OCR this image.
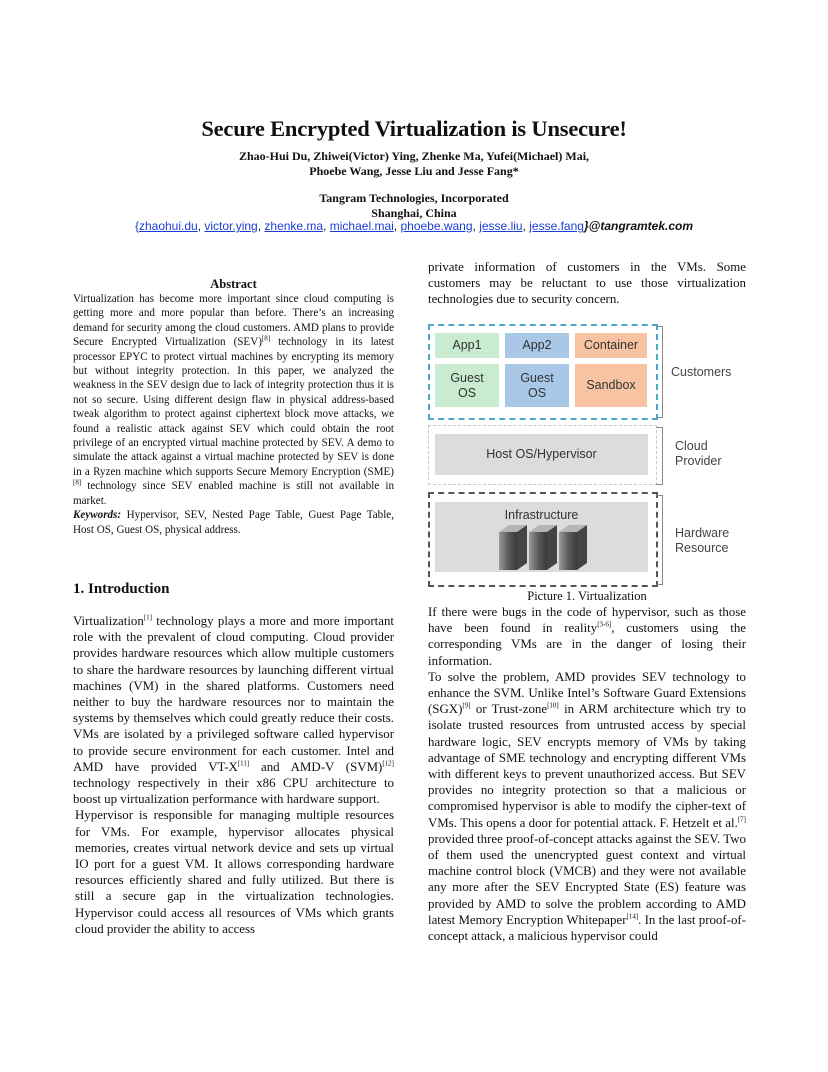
Secure Encrypted Virtualization is Unsecure!
Zhao-Hui Du, Zhiwei(Victor) Ying, Zhenke Ma, Yufei(Michael) Mai,
Phoebe Wang, Jesse Liu and Jesse Fang*
Tangram Technologies, Incorporated
Shanghai, China
{zhaohui.du, victor.ying, zhenke.ma, michael.mai, phoebe.wang, jesse.liu, jesse.fang}@tangramtek.com
Abstract

Virtualization has become more important since cloud computing is getting more and more popular than before. There’s an increasing demand for security among the cloud customers. AMD plans to provide Secure Encrypted Virtualization (SEV)[8] technology in its latest processor EPYC to protect virtual machines by encrypting its memory but without integrity protection. In this paper, we analyzed the weakness in the SEV design due to lack of integrity protection thus it is not so secure. Using different design flaw in physical address-based tweak algorithm to protect against ciphertext block move attacks, we found a realistic attack against SEV which could obtain the root privilege of an encrypted virtual machine protected by SEV. A demo to simulate the attack against a virtual machine protected by SEV is done in a Ryzen machine which supports Secure Memory Encryption (SME)[8] technology since SEV enabled machine is still not available in market.

Keywords: Hypervisor, SEV, Nested Page Table, Guest Page Table, Host OS, Guest OS, physical address.

1. Introduction

Virtualization[1] technology plays a more and more important role with the prevalent of cloud computing. Cloud provider provides hardware resources which allow multiple customers to share the hardware resources by launching different virtual machines (VM) in the shared platforms. Customers need neither to buy the hardware resources nor to maintain the systems by themselves which could greatly reduce their costs. VMs are isolated by a privileged software called hypervisor to provide secure environment for each customer. Intel and AMD have provided VT-X[11] and AMD-V (SVM)[12] technology respectively in their x86 CPU architecture to boost up virtualization performance with hardware support.

Hypervisor is responsible for managing multiple resources for VMs. For example, hypervisor allocates physical memories, creates virtual network device and sets up virtual IO port for a guest VM. It allows corresponding hardware resources efficiently shared and fully utilized. But there is still a secure gap in the virtualization technologies. Hypervisor could access all resources of VMs which grants cloud provider the ability to access

private information of customers in the VMs. Some customers may be reluctant to use those virtualization technologies due to security concern.
App1	App2	Container
Guest OS
Guest OS
Sandbox
Customers
Host OS/Hypervisor
Cloud Provider
Infrastructure
Hardware Resource
Picture 1. Virtualization

If there were bugs in the code of hypervisor, such as those have been found in reality[3-6], customers using the corresponding VMs are in the danger of losing their information.

To solve the problem, AMD provides SEV technology to enhance the SVM. Unlike Intel’s Software Guard Extensions (SGX)[9] or Trust-zone[10] in ARM architecture which try to isolate trusted resources from untrusted access by special hardware logic, SEV encrypts memory of VMs by taking advantage of SME technology and encrypting different VMs with different keys to prevent unauthorized access. But SEV provides no integrity protection so that a malicious or compromised hypervisor is able to modify the cipher-text of VMs. This opens a door for potential attack. F. Hetzelt et al.[7] provided three proof-of-concept attacks against the SEV. Two of them used the unencrypted guest context and virtual machine control block (VMCB) and they were not available any more after the SEV Encrypted State (ES) feature was provided by AMD to solve the problem according to AMD latest Memory Encryption Whitepaper[14]. In the last proof-of-concept attack, a malicious hypervisor could
